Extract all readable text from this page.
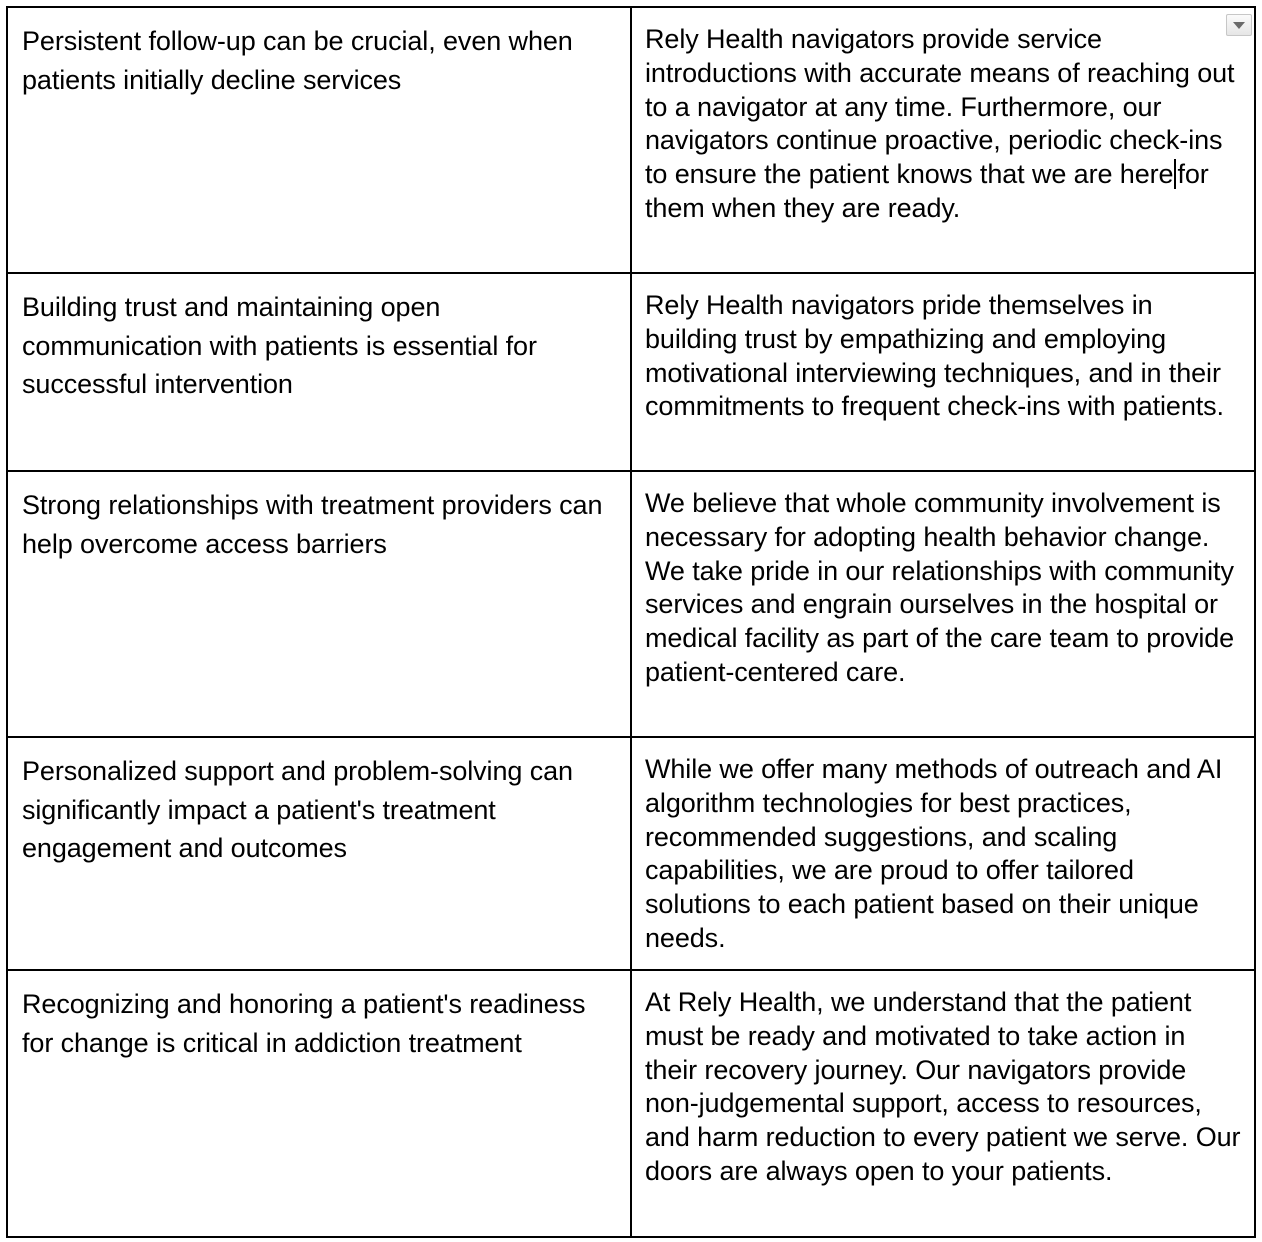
Persistent follow-up can be crucial, even when patients initially decline services	Rely Health navigators provide service introductions with accurate means of reaching out to a navigator at any time. Furthermore, our navigators continue proactive, periodic check-ins to ensure the patient knows that we are here for them when they are ready.

Building trust and maintaining open communication with patients is essential for successful intervention	Rely Health navigators pride themselves in building trust by empathizing and employing motivational interviewing techniques, and in their commitments to frequent check-ins with patients.

Strong relationships with treatment providers can help overcome access barriers	We believe that whole community involvement is necessary for adopting health behavior change. We take pride in our relationships with community services and engrain ourselves in the hospital or medical facility as part of the care team to provide patient-centered care.

Personalized support and problem-solving can significantly impact a patient's treatment engagement and outcomes	While we offer many methods of outreach and AI algorithm technologies for best practices, recommended suggestions, and scaling capabilities, we are proud to offer tailored solutions to each patient based on their unique needs.

Recognizing and honoring a patient's readiness for change is critical in addiction treatment	At Rely Health, we understand that the patient must be ready and motivated to take action in their recovery journey. Our navigators provide non-judgemental support, access to resources, and harm reduction to every patient we serve. Our doors are always open to your patients.
